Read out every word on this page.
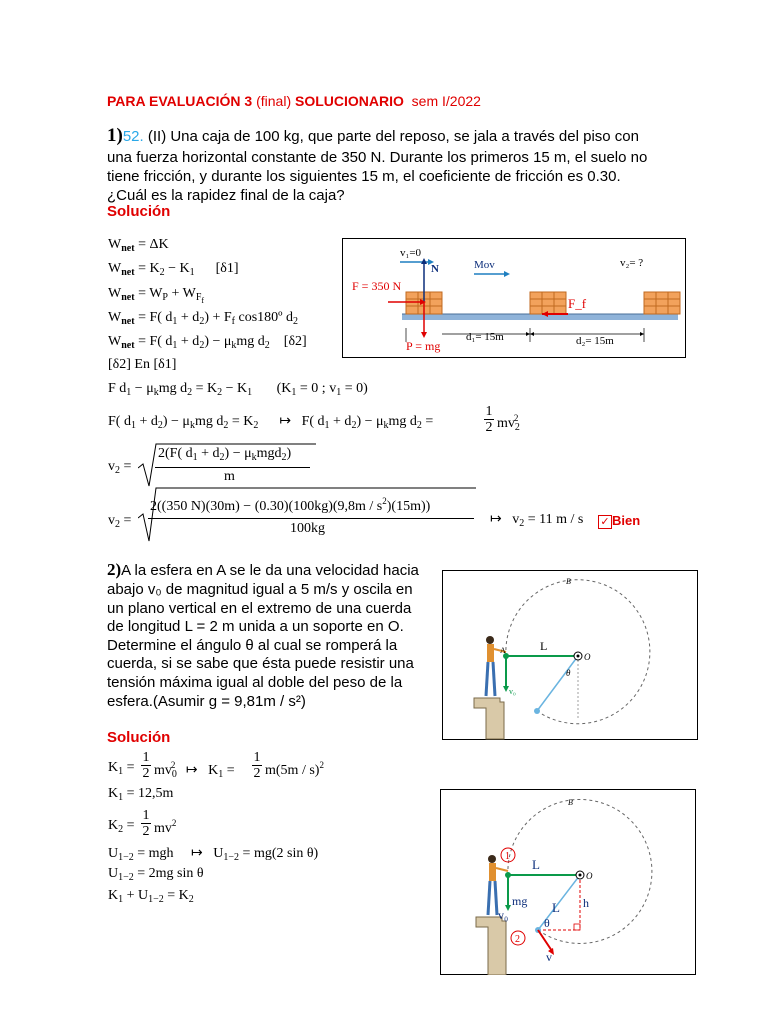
PARA EVALUACIÓN 3 (final) SOLUCIONARIO sem I/2022
1)52. (II) Una caja de 100 kg, que parte del reposo, se jala a través del piso con
una fuerza horizontal constante de 350 N. Durante los primeros 15 m, el suelo no
tiene fricción, y durante los siguientes 15 m, el coeficiente de fricción es 0.30.
¿Cuál es la rapidez final de la caja?
Solución
$W_{net} = \Delta K$
$W_{net} = K_2 - K_1$      [δ1]
$W_{net} = W_P + W_{F_f}$
$W_{net} = F$( $d_1 + d_2) + F_f$ cos180º $d_2$
$W_{net} = F$( $d_1 + d_2) - \mu_kmg$ $d_2$    [δ2]
[δ2] En [δ1]
F $d_1 - \mu_kmg$ $d_2 = K_2 - K_1$       ($K_1 = 0$ ; $v_1 = 0$)
F( $d_1 + d_2) - \mu_kmg$ $d_2 = K_2$      ↦   F( $d_1 + d_2) - \mu_kmg$ $d_2$ =
1
2 $mv_2^2$
$v_2$ =
2(F( $d_1 + d_2) - \mu_kmgd_2$)
m
$v_2$ =
2((350 $N)(30m) - (0.30)(100kg)(9,8m / s^2)(15m)$)
100kg
↦   $v_2 = 11$ m / s ✓ Bien
v₁=0
N	Mov	v₂= ?
F = 350 N
F_f
P = mg
d₁= 15m	d₂= 15m
2)A la esfera en A se le da una velocidad hacia
abajo v₀ de magnitud igual a 5 m/s y oscila en
un plano vertical en el extremo de una cuerda
de longitud L = 2 m unida a un soporte en O.
Determine el ángulo θ al cual se romperá la
cuerda, si se sabe que ésta puede resistir una
tensión máxima igual al doble del peso de la
esfera.(Asumir g = 9,81m / s²)
Solución
$K_1$ =
1
2 $mv_0^2$   ↦   $K_1$ =
1
2 m(5m / s)$^2$
$K_1 = 12,5m$
$K_2$ =
1
2 $mv^2$
$U_{1-2}$ = mgh     ↦   $U_{1-2} = mg(2$ sin θ)
$U_{1-2} = 2mg$ sin θ
$K_1 + U_{1-2} = K_2$
L
O
A
B
θ
v₀
1
2
L
L
O
B
mg	h
θ
v₀
v
